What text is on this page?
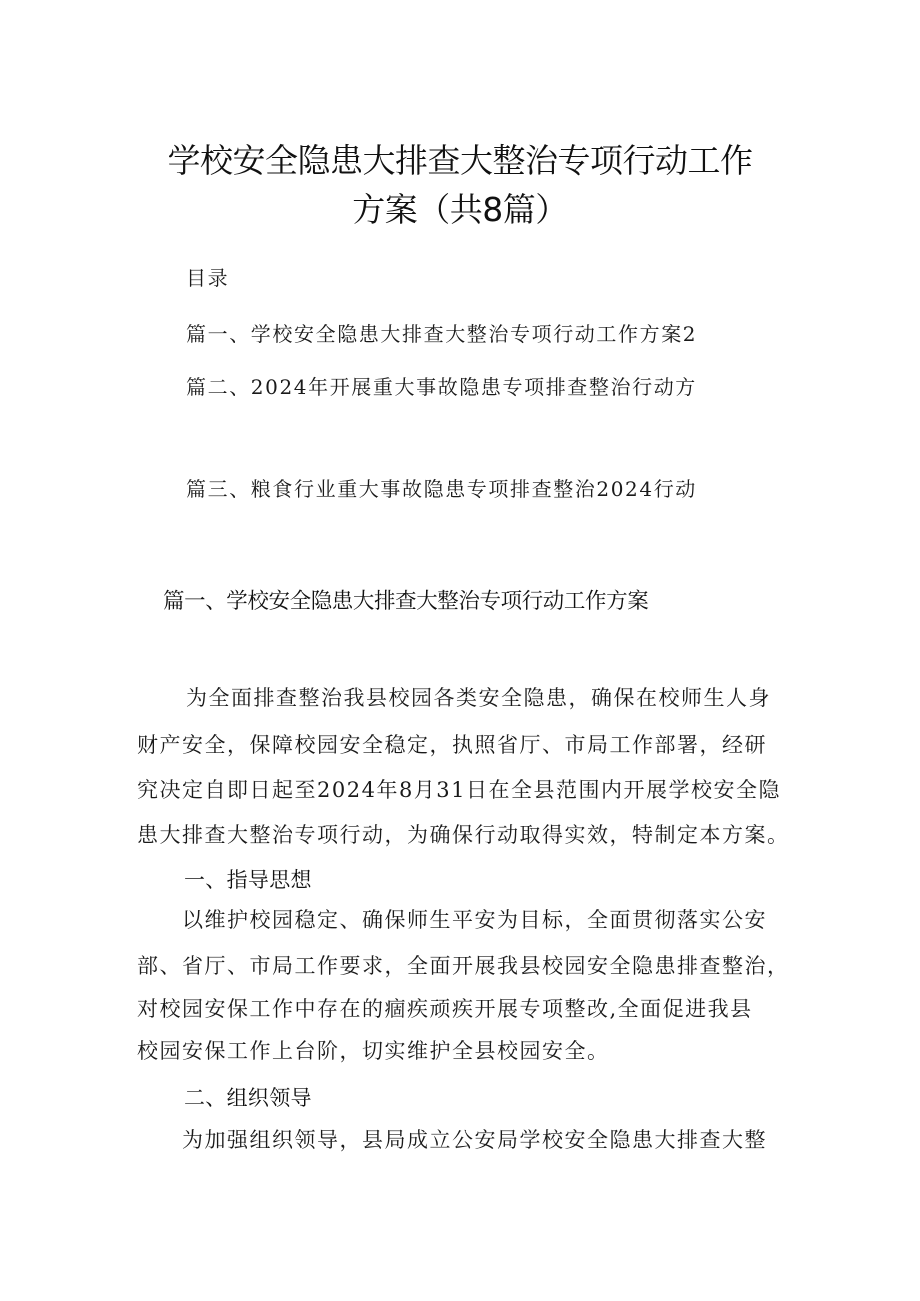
学校安全隐患大排查大整治专项行动工作
方案（共8篇）
目录
篇一、学校安全隐患大排查大整治专项行动工作方案2
篇二、2024年开展重大事故隐患专项排查整治行动方
篇三、粮食行业重大事故隐患专项排查整治2024行动
篇一、学校安全隐患大排查大整治专项行动工作方案
为全面排查整治我县校园各类安全隐患，确保在校师生人身
财产安全，保障校园安全稳定，执照省厅、市局工作部署，经研
究决定自即日起至2024年8月31日在全县范围内开展学校安全隐
患大排查大整治专项行动，为确保行动取得实效，特制定本方案。
一、指导思想
以维护校园稳定、确保师生平安为目标，全面贯彻落实公安
部、省厅、市局工作要求，全面开展我县校园安全隐患排查整治，
对校园安保工作中存在的痼疾顽疾开展专项整改,全面促进我县
校园安保工作上台阶，切实维护全县校园安全。
二、组织领导
为加强组织领导，县局成立公安局学校安全隐患大排查大整
